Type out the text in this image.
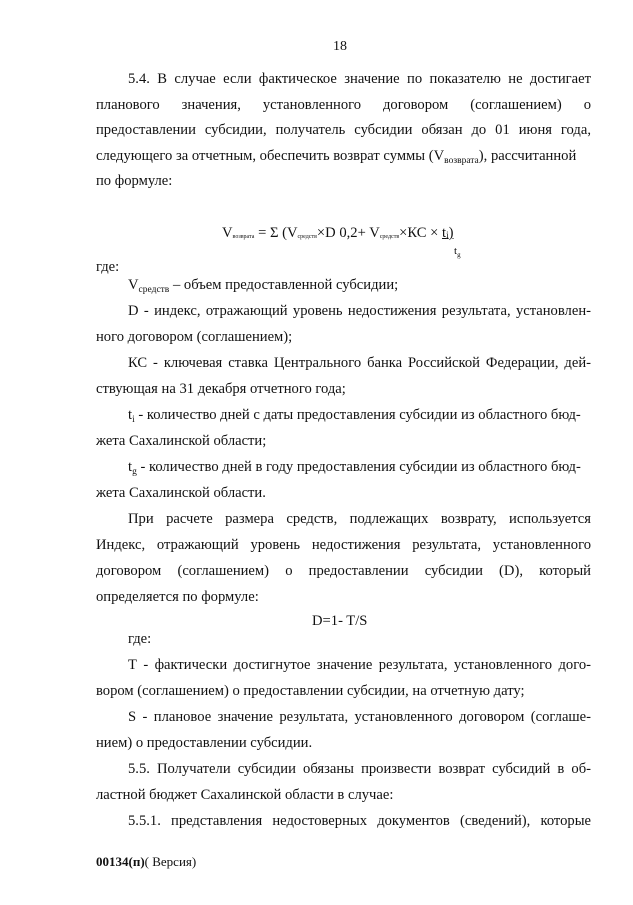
18

5.4. В случае если фактическое значение по показателю не достигает

планового значения, установленного договором (соглашением) о

предоставлении субсидии, получатель субсидии обязан до 01 июня года,

следующего за отчетным, обеспечить возврат суммы $(V_{возврата})$, рассчитанной

по формуле:

$V_{возврата} = \Sigma$ ($V_{средств}\times D$ $0,2+ V_{средств}\times КС \times t_i$)

$t_g$

где:

$V_{средств}$ – объем предоставленной субсидии;

D - индекс, отражающий уровень недостижения результата, установлен-

ного договором (соглашением);

КС - ключевая ставка Центрального банка Российской Федерации, дей-

ствующая на 31 декабря отчетного года;

$t_i$ - количество дней с даты предоставления субсидии из областного бюд-

жета Сахалинской области;

$t_g$ - количество дней в году предоставления субсидии из областного бюд-

жета Сахалинской области.

При расчете размера средств, подлежащих возврату, используется

Индекс, отражающий уровень недостижения результата, установленного

договором (соглашением) о предоставлении субсидии (D), который

определяется по формуле:

D=1- T/S

где:

Т - фактически достигнутое значение результата, установленного дого-

вором (соглашением) о предоставлении субсидии, на отчетную дату;

S - плановое значение результата, установленного договором (соглаше-

нием) о предоставлении субсидии.

5.5. Получатели субсидии обязаны произвести возврат субсидий в об-

ластной бюджет Сахалинской области в случае:

5.5.1. представления недостоверных документов (сведений), которые

00134(п)( Версия)
